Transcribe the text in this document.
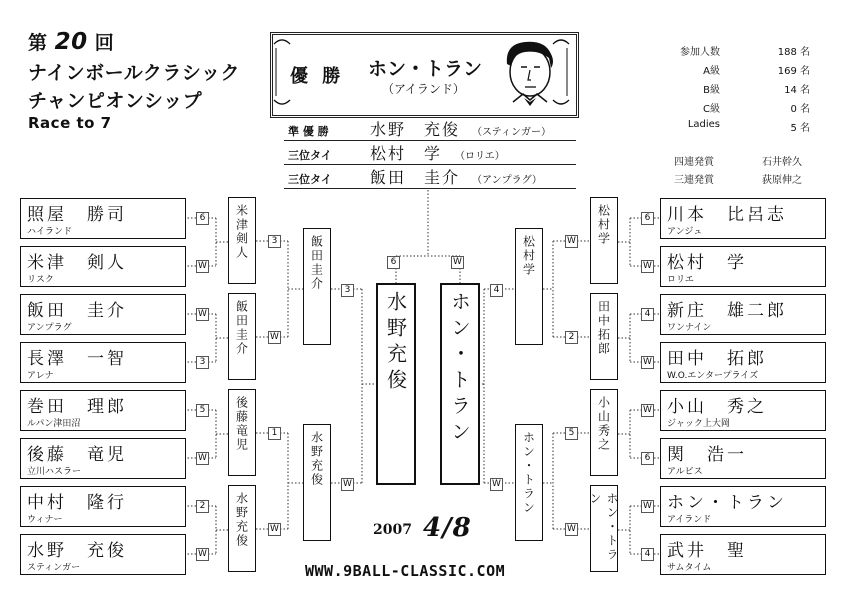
第 20 回
ナインボールクラシック
チャンピオンシップ
Race to 7
優 勝 ホン・トラン
（アイランド）
準 優 勝	水野　充俊 （スティンガー）
三位タイ 松村　学 （ロリエ）
三位タイ 飯田　圭介 （アンプラグ）
参加人数	188 名
A級	169 名
B級	14 名
C級	0 名
Ladies	5 名
四連発賞	石井幹久
三連発賞	荻原伸之
照屋　勝司
ハイランド
米津　剣人
リスク
飯田　圭介
アンプラグ
長澤　一智
アレナ
巻田　理郎
ルパン津田沼
後藤　竜児
立川ハスラー
中村　隆行
ウィナー
水野　充俊
スティンガー
川本　比呂志
アンジュ
松村　学
ロリエ
新庄　雄二郎
ワンナイン
田中　拓郎
W.O.エンタープライズ
小山　秀之
ジャック上大岡
関　浩一
アルビス
ホン・トラン
アイランド
武井　聖
サムタイム
6
W
W
3
5
W
2
W
6
W
4
W
W
6
W
4
米津剣人
飯田圭介
後藤竜児
水野充俊
3
W
1
W
松村学
田中拓郎
小山秀之
ホン・トラン
W
2
5
W
飯田圭介
水野充俊
松村学
ホン・トラン
3
W
4
W
水野充俊	ホン・トラン
6	W
2007 4/8
WWW.9BALL-CLASSIC.COM
